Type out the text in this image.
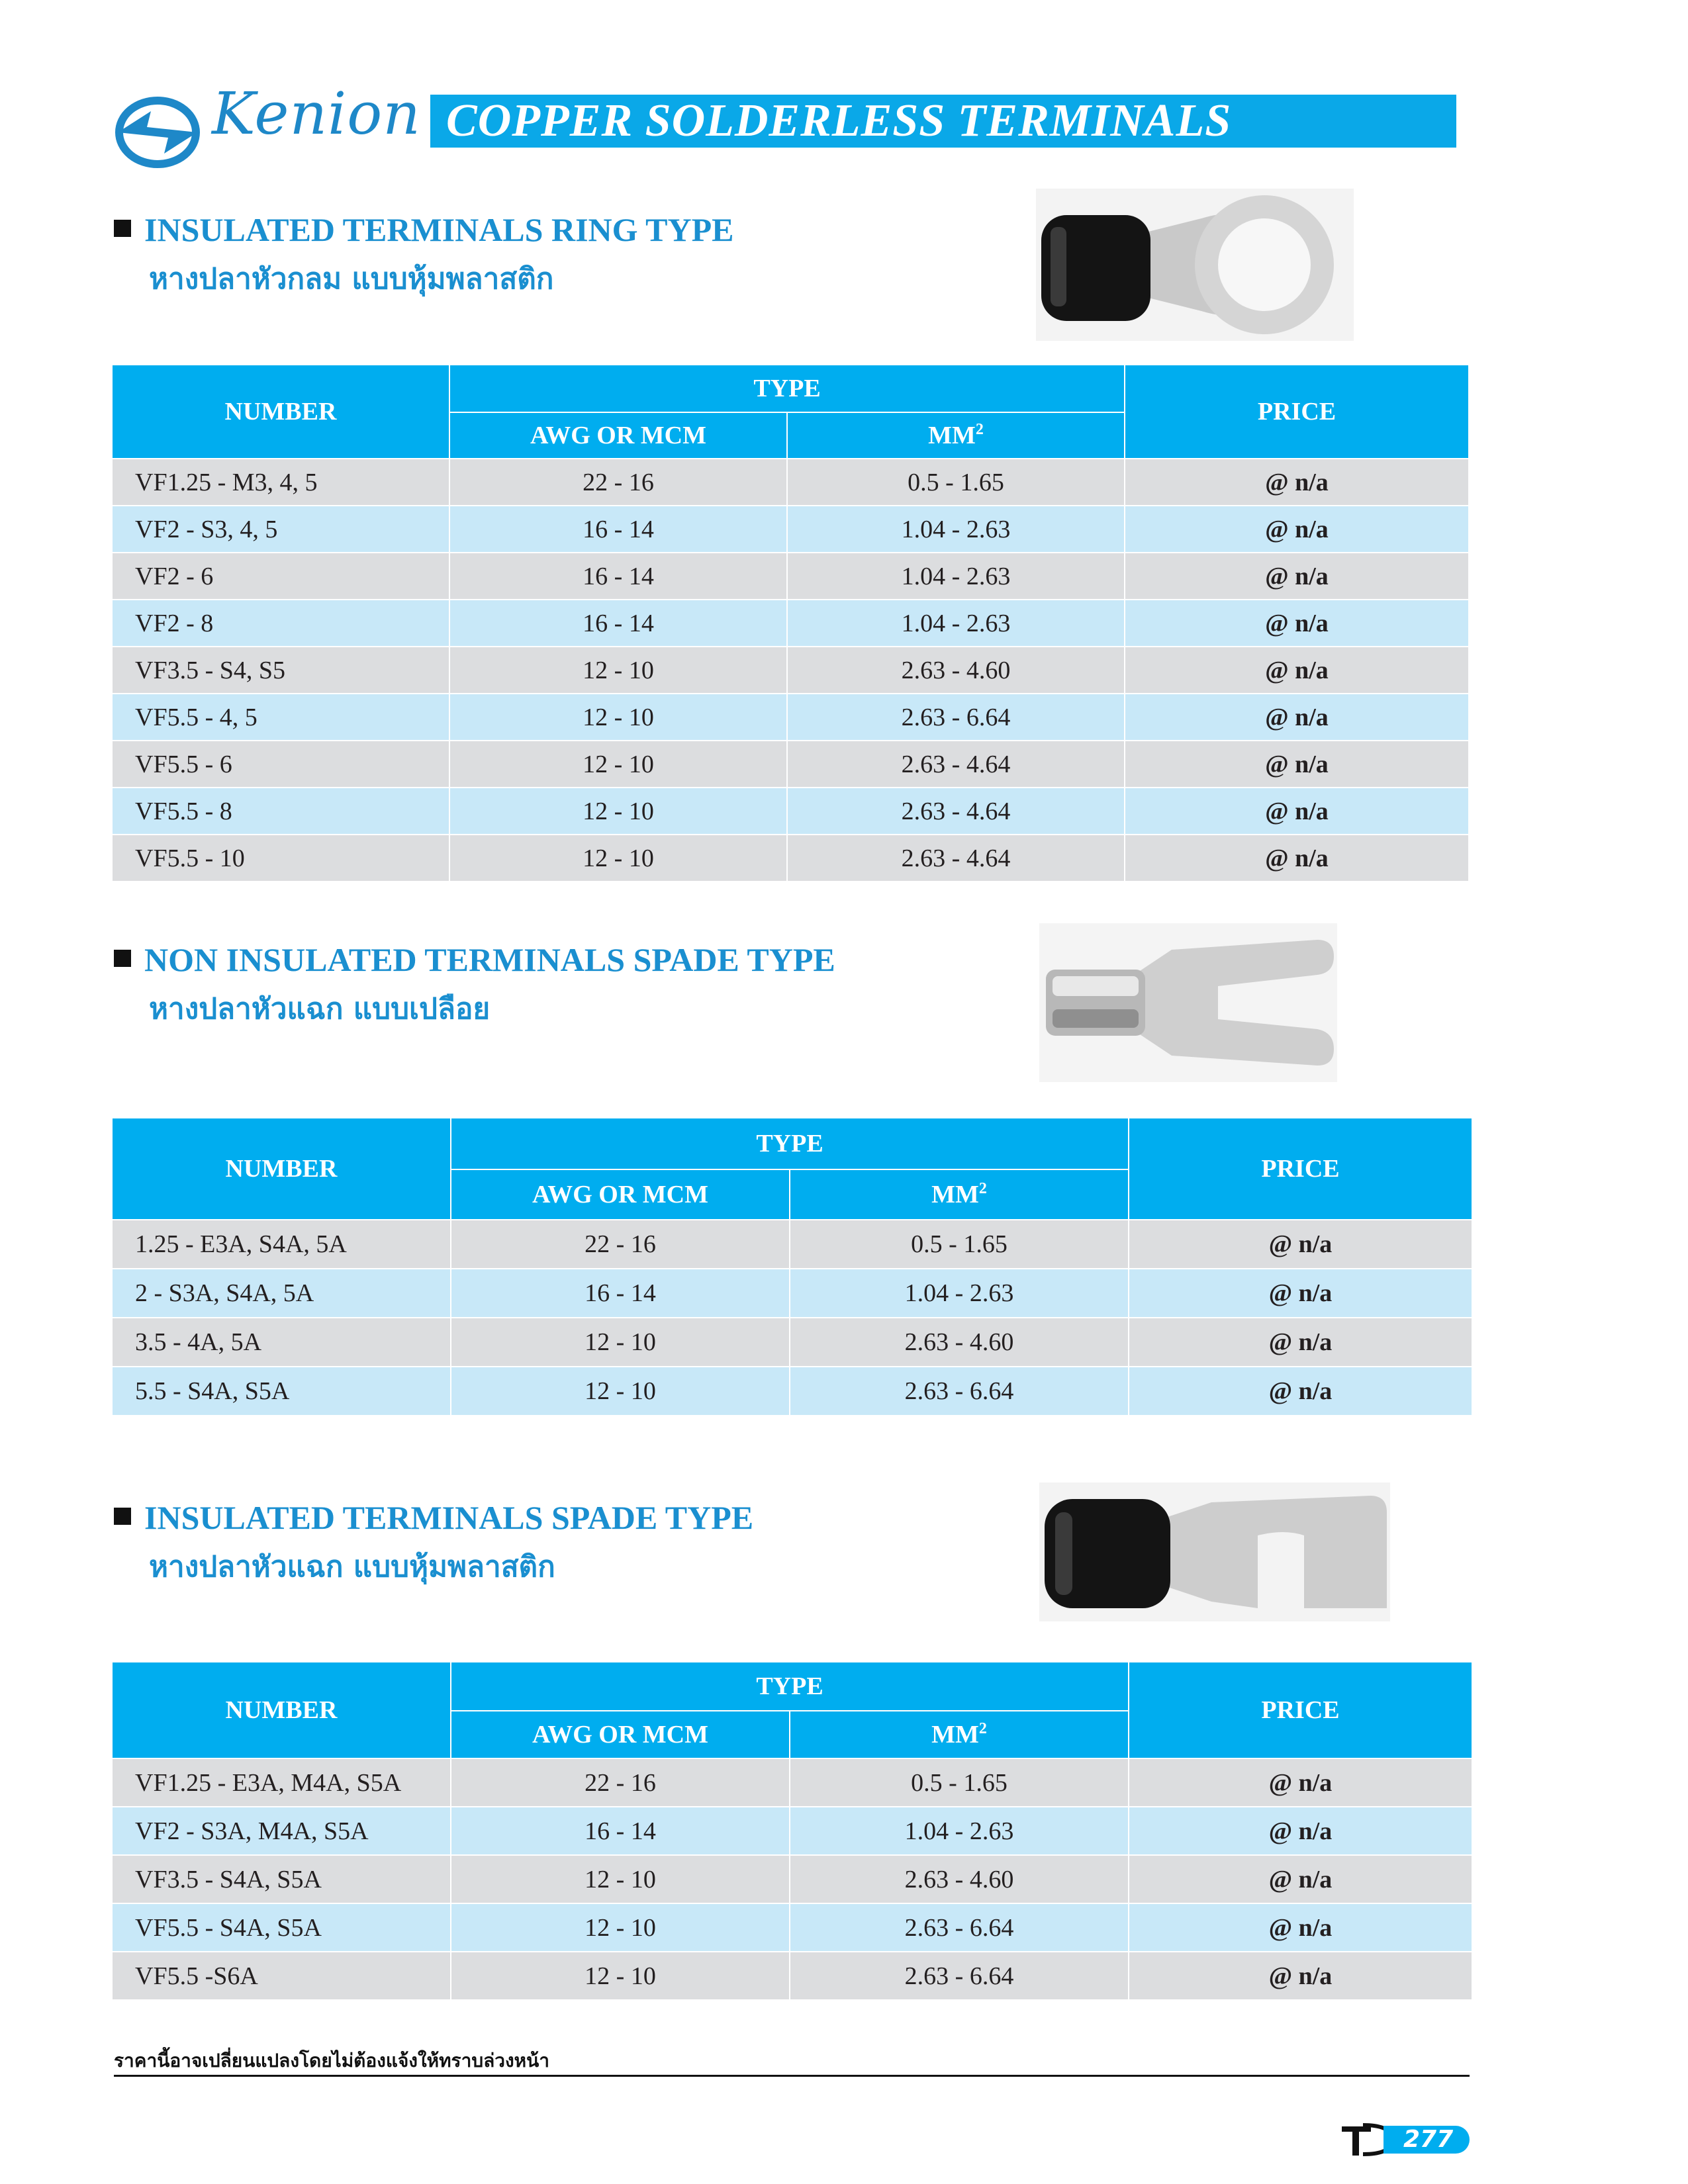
Kenion COPPER SOLDERLESS TERMINALS
INSULATED TERMINALS RING TYPE
หางปลาหัวกลม แบบหุ้มพลาสติก
NUMBER	TYPE		PRICE
	AWG OR MCM	$MM^2$
VF1.25 - M3, 4, 5	22 - 16	0.5 - 1.65	@ n/a
VF2 - S3, 4, 5	16 - 14	1.04 - 2.63	@ n/a
VF2 - 6	16 - 14	1.04 - 2.63	@ n/a
VF2 - 8	16 - 14	1.04 - 2.63	@ n/a
VF3.5 - S4, S5	12 - 10	2.63 - 4.60	@ n/a
VF5.5 - 4, 5	12 - 10	2.63 - 6.64	@ n/a
VF5.5 - 6	12 - 10	2.63 - 4.64	@ n/a
VF5.5 - 8	12 - 10	2.63 - 4.64	@ n/a
VF5.5 - 10	12 - 10	2.63 - 4.64	@ n/a
NON INSULATED TERMINALS SPADE TYPE
หางปลาหัวแฉก แบบเปลือย
NUMBER	TYPE		PRICE
	AWG OR MCM	$MM^2$
1.25 - E3A, S4A, 5A	22 - 16	0.5 - 1.65	@ n/a
2 - S3A, S4A, 5A	16 - 14	1.04 - 2.63	@ n/a
3.5 - 4A, 5A	12 - 10	2.63 - 4.60	@ n/a
5.5 - S4A, S5A	12 - 10	2.63 - 6.64	@ n/a
INSULATED TERMINALS SPADE TYPE
หางปลาหัวแฉก แบบหุ้มพลาสติก
NUMBER	TYPE		PRICE
	AWG OR MCM	$MM^2$
VF1.25 - E3A, M4A, S5A	22 - 16	0.5 - 1.65	@ n/a
VF2 - S3A, M4A, S5A	16 - 14	1.04 - 2.63	@ n/a
VF3.5 - S4A, S5A	12 - 10	2.63 - 4.60	@ n/a
VF5.5 - S4A, S5A	12 - 10	2.63 - 6.64	@ n/a
VF5.5 -S6A	12 - 10	2.63 - 6.64	@ n/a
ราคานี้อาจเปลี่ยนแปลงโดยไม่ต้องแจ้งให้ทราบล่วงหน้า
277
